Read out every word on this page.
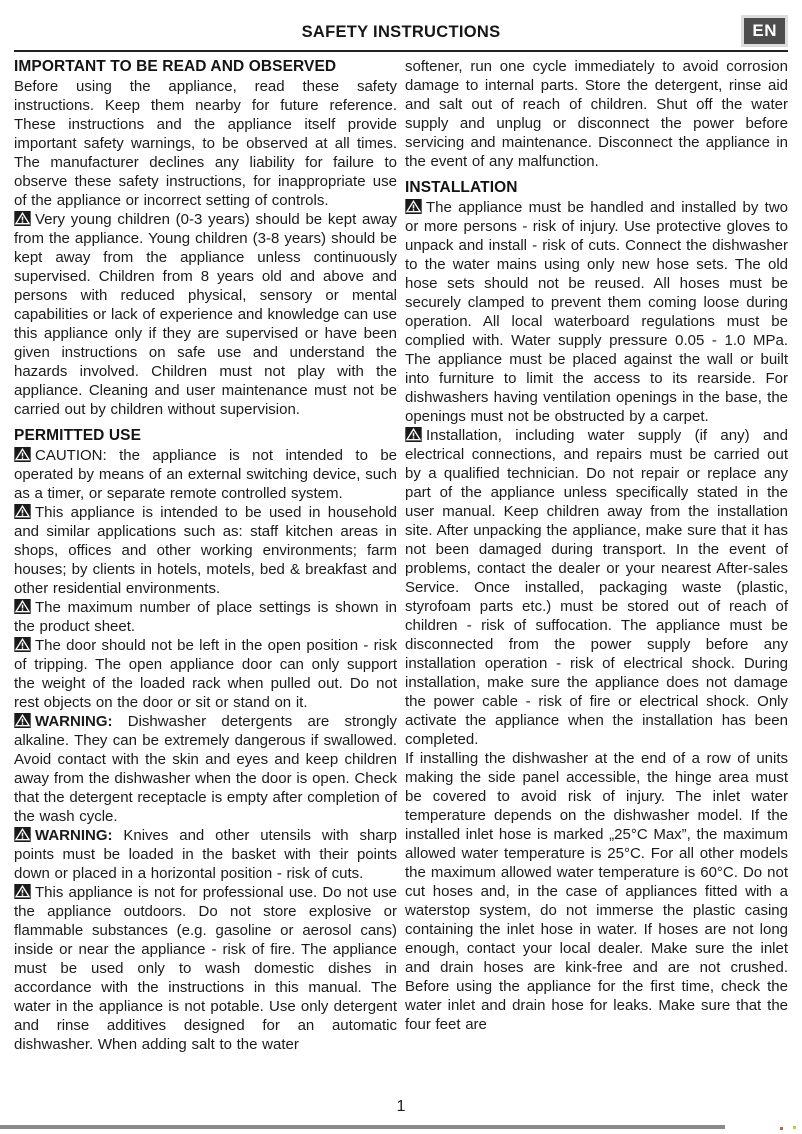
SAFETY INSTRUCTIONS	EN
IMPORTANT TO BE READ AND OBSERVED

Before using the appliance, read these safety instructions. Keep them nearby for future reference. These instructions and the appliance itself provide important safety warnings, to be observed at all times. The manufacturer declines any liability for failure to observe these safety instructions, for inappropriate use of the appliance or incorrect setting of controls.

Very young children (0-3 years) should be kept away from the appliance. Young children (3-8 years) should be kept away from the appliance unless continuously supervised. Children from 8 years old and above and persons with reduced physical, sensory or mental capabilities or lack of experience and knowledge can use this appliance only if they are supervised or have been given instructions on safe use and understand the hazards involved. Children must not play with the appliance. Cleaning and user maintenance must not be carried out by children without supervision.

PERMITTED USE

CAUTION: the appliance is not intended to be operated by means of an external switching device, such as a timer, or separate remote controlled system.

This appliance is intended to be used in household and similar applications such as: staff kitchen areas in shops, offices and other working environments; farm houses; by clients in hotels, motels, bed & breakfast and other residential environments.

The maximum number of place settings is shown in the product sheet.

The door should not be left in the open position - risk of tripping. The open appliance door can only support the weight of the loaded rack when pulled out. Do not rest objects on the door or sit or stand on it.

WARNING: Dishwasher detergents are strongly alkaline. They can be extremely dangerous if swallowed. Avoid contact with the skin and eyes and keep children away from the dishwasher when the door is open. Check that the detergent receptacle is empty after completion of the wash cycle.

WARNING: Knives and other utensils with sharp points must be loaded in the basket with their points down or placed in a horizontal position - risk of cuts.

This appliance is not for professional use. Do not use the appliance outdoors. Do not store explosive or flammable substances (e.g. gasoline or aerosol cans) inside or near the appliance - risk of fire. The appliance must be used only to wash domestic dishes in accordance with the instructions in this manual. The water in the appliance is not potable. Use only detergent and rinse additives designed for an automatic dishwasher. When adding salt to the water

softener, run one cycle immediately to avoid corrosion damage to internal parts. Store the detergent, rinse aid and salt out of reach of children. Shut off the water supply and unplug or disconnect the power before servicing and maintenance. Disconnect the appliance in the event of any malfunction.

INSTALLATION

The appliance must be handled and installed by two or more persons - risk of injury. Use protective gloves to unpack and install - risk of cuts. Connect the dishwasher to the water mains using only new hose sets. The old hose sets should not be reused. All hoses must be securely clamped to prevent them coming loose during operation. All local waterboard regulations must be complied with. Water supply pressure 0.05 - 1.0 MPa. The appliance must be placed against the wall or built into furniture to limit the access to its rearside. For dishwashers having ventilation openings in the base, the openings must not be obstructed by a carpet.

Installation, including water supply (if any) and electrical connections, and repairs must be carried out by a qualified technician. Do not repair or replace any part of the appliance unless specifically stated in the user manual. Keep children away from the installation site. After unpacking the appliance, make sure that it has not been damaged during transport. In the event of problems, contact the dealer or your nearest After-sales Service. Once installed, packaging waste (plastic, styrofoam parts etc.) must be stored out of reach of children - risk of suffocation. The appliance must be disconnected from the power supply before any installation operation - risk of electrical shock. During installation, make sure the appliance does not damage the power cable - risk of fire or electrical shock. Only activate the appliance when the installation has been completed.

If installing the dishwasher at the end of a row of units making the side panel accessible, the hinge area must be covered to avoid risk of injury. The inlet water temperature depends on the dishwasher model. If the installed inlet hose is marked „25°C Max”, the maximum allowed water temperature is 25°C. For all other models the maximum allowed water temperature is 60°C. Do not cut hoses and, in the case of appliances fitted with a waterstop system, do not immerse the plastic casing containing the inlet hose in water. If hoses are not long enough, contact your local dealer. Make sure the inlet and drain hoses are kink-free and are not crushed. Before using the appliance for the first time, check the water inlet and drain hose for leaks. Make sure that the four feet are

1
